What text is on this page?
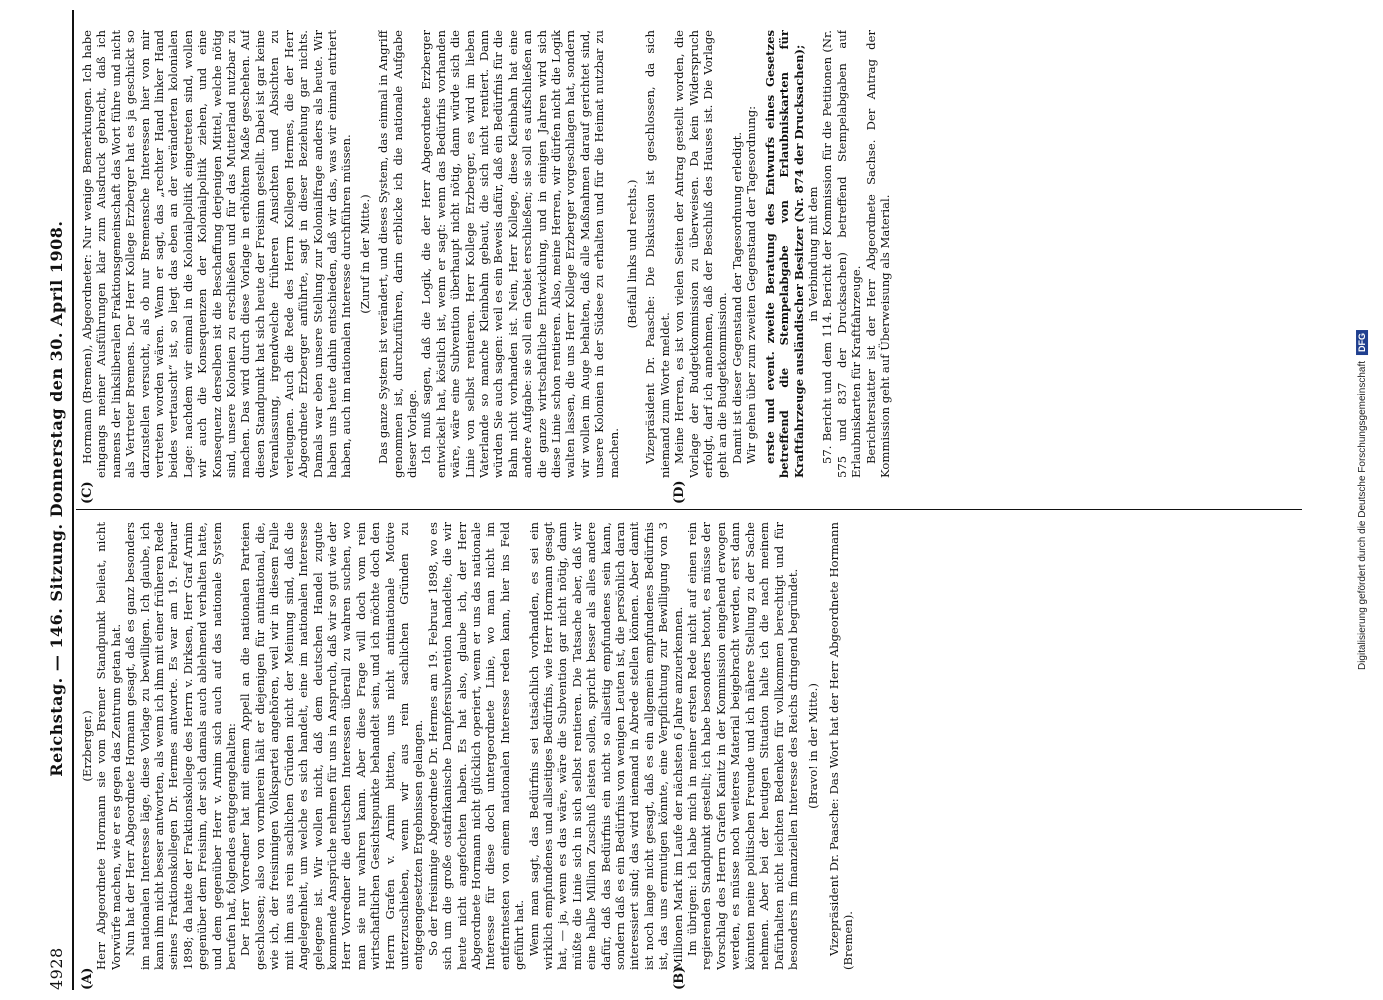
4928
Reichstag. — 146. Sitzung. Donnerstag den 30. April 1908.
(A)	(B)
(C)	(D)

(Erzberger.) Herr Abgeordnete Hormann sie vom Bremer Standpunkt beileat, nicht Vorwürfe machen, wie er es gegen das Zentrum getan hat. Nun hat der Herr Abgeordnete Hormann gesagt, daß es ganz besonders im nationalen Interesse läge, diese Vorlage zu bewilligen. Ich glaube, ich kann ihm nicht besser antworten, als wenn ich ihm mit einer früheren Rede seines Fraktionskollegen Dr. Hermes antworte. Es war am 19. Februar 1898; da hatte der Fraktionskollege des Herrn v. Dirksen, Herr Graf Arnim gegenüber dem Freisinn, der sich damals auch ablehnend verhalten hatte, und dem gegenüber Herr v. Arnim sich auch auf das nationale System berufen hat, folgendes entgegengehalten: Der Herr Vorredner hat mit einem Appell an die nationalen Parteien geschlossen; also von vornherein hält er diejenigen für antinational, die, wie ich, der freisinnigen Volkspartei angehören, weil wir in diesem Falle mit ihm aus rein sachlichen Gründen nicht der Meinung sind, daß die Angelegenheit, um welche es sich handelt, eine im nationalen Interesse gelegene ist. Wir wollen nicht, daß dem deutschen Handel zugute kommende Ansprüche nehmen für uns in Anspruch, daß wir so gut wie der Herr Vorredner die deutschen Interessen überall zu wahren suchen, wo man sie nur wahren kann. Aber diese Frage will doch vom rein wirtschaftlichen Gesichtspunkte behandelt sein, und ich möchte doch den Herrn Grafen v. Arnim bitten, uns nicht antinationale Motive unterzuschieben, wenn wir aus rein sachlichen Gründen zu entgegengesetzten Ergebnissen gelangen. So der freisinnige Abgeordnete Dr. Hermes am 19. Februar 1898, wo es sich um die große ostafrikanische Dampfersubvention handelte, die wir heute nicht angefochten haben. Es hat also, glaube ich, der Herr Abgeordnete Hormann nicht glücklich operiert, wenn er uns das nationale Interesse für diese doch untergeordnete Linie, wo man nicht im entferntesten von einem nationalen Interesse reden kann, hier ins Feld geführt hat. Wenn man sagt, das Bedürfnis sei tatsächlich vorhanden, es sei ein wirklich empfundenes und allseitiges Bedürfnis, wie Herr Hormann gesagt hat, — ja, wenn es das wäre, wäre die Subvention gar nicht nötig, dann müßte die Linie sich in sich selbst rentieren. Die Tatsache aber, daß wir eine halbe Million Zuschuß leisten sollen, spricht besser als alles andere dafür, daß das Bedürfnis ein nicht so allseitig empfundenes sein kann, sondern daß es ein Bedürfnis von wenigen Leuten ist, die persönlich daran interessiert sind; das wird niemand in Abrede stellen können. Aber damit ist noch lange nicht gesagt, daß es ein allgemein empfundenes Bedürfnis ist, das uns ermutigen könnte, eine Verpflichtung zur Bewilligung von 3 Millionen Mark im Laufe der nächsten 6 Jahre anzuerkennen. Im übrigen: ich habe mich in meiner ersten Rede nicht auf einen rein regierenden Standpunkt gestellt; ich habe besonders betont, es müsse der Vorschlag des Herrn Grafen Kanitz in der Kommission eingehend erwogen werden, es müsse noch weiteres Material beigebracht werden, erst dann könnten meine politischen Freunde und ich nähere Stellung zu der Sache nehmen. Aber bei der heutigen Situation halte ich die nach meinem Dafürhalten nicht leichten Bedenken für vollkommen berechtigt und für besonders im finanziellen Interesse des Reichs dringend begründet. (Bravo! in der Mitte.) Vizepräsident Dr. Paasche: Das Wort hat der Herr Abgeordnete Hormann (Bremen).

Hormann (Bremen), Abgeordneter: Nur wenige Bemerkungen. Ich habe eingangs meiner Ausführungen klar zum Ausdruck gebracht, daß ich namens der linksliberalen Fraktionsgemeinschaft das Wort führe und nicht als Vertreter Bremens. Der Herr Kollege Erzberger hat es ja geschickt so darzustellen versucht, als ob nur Bremensche Interessen hier von mir vertreten worden wären. Wenn er sagt, das „rechter Hand linker Hand beides vertauscht“ ist, so liegt das eben an der veränderten kolonialen Lage: nachdem wir einmal in die Kolonialpolitik eingetreten sind, wollen wir auch die Konsequenzen der Kolonialpolitik ziehen, und eine Konsequenz derselben ist die Beschaffung derjenigen Mittel, welche nötig sind, unsere Kolonien zu erschließen und für das Mutterland nutzbar zu machen. Das wird durch diese Vorlage in erhöhtem Maße geschehen. Auf diesen Standpunkt hat sich heute der Freisinn gestellt. Dabei ist gar keine Veranlassung, irgendwelche früheren Ansichten und Absichten zu verleugnen. Auch die Rede des Herrn Kollegen Hermes, die der Herr Abgeordnete Erzberger anführte, sagt in dieser Beziehung gar nichts. Damals war eben unsere Stellung zur Kolonialfrage anders als heute. Wir haben uns heute dahin entschieden, daß wir das, was wir einmal entriert haben, auch im nationalen Interesse durchführen müssen. (Zuruf in der Mitte.) Das ganze System ist verändert, und dieses System, das einmal in Angriff genommen ist, durchzuführen, darin erblicke ich die nationale Aufgabe dieser Vorlage. Ich muß sagen, daß die Logik, die der Herr Abgeordnete Erzberger entwickelt hat, köstlich ist, wenn er sagt: wenn das Bedürfnis vorhanden wäre, wäre eine Subvention überhaupt nicht nötig, dann würde sich die Linie von selbst rentieren. Herr Kollege Erzberger, es wird im lieben Vaterlande so manche Kleinbahn gebaut, die sich nicht rentiert. Dann würden Sie auch sagen: weil es ein Beweis dafür, daß ein Bedürfnis für die Bahn nicht vorhanden ist. Nein, Herr Kollege, diese Kleinbahn hat eine andere Aufgabe: sie soll ein Gebiet erschließen; sie soll es aufschließen an die ganze wirtschaftliche Entwicklung, und in einigen Jahren wird sich diese Linie schon rentieren. Also, meine Herren, wir dürfen nicht die Logik walten lassen, die uns Herr Kollege Erzberger vorgeschlagen hat, sondern wir wollen im Auge behalten, daß alle Maßnahmen darauf gerichtet sind, unsere Kolonien in der Südsee zu erhalten und für die Heimat nutzbar zu machen.

(Beifall links und rechts.) Vizepräsident Dr. Paasche: Die Diskussion ist geschlossen, da sich niemand zum Worte meldet. Meine Herren, es ist von vielen Seiten der Antrag gestellt worden, die Vorlage der Budgetkommission zu überweisen. Da kein Widerspruch erfolgt, darf ich annehmen, daß der Beschluß des Hauses ist. Die Vorlage geht an die Budgetkommission. Damit ist dieser Gegenstand der Tagesordnung erledigt. Wir gehen über zum zweiten Gegenstand der Tagesordnung: erste und event. zweite Beratung des Entwurfs eines Gesetzes betreffend die Stempelabgabe von Erlaubniskarten für Kraftfahrzeuge ausländischer Besitzer (Nr. 874 der Drucksachen); in Verbindung mit dem 57. Bericht und dem 114. Bericht der Kommission für die Petitionen (Nr. 575 und 837 der Drucksachen) betreffend Stempelabgaben auf Erlaubniskarten für Kraftfahrzeuge. Berichterstatter ist der Herr Abgeordnete Sachse. Der Antrag der Kommission geht auf Überweisung als Material.

Digitalisierung gefördert durch die Deutsche Forschungsgemeinschaft
DFG
